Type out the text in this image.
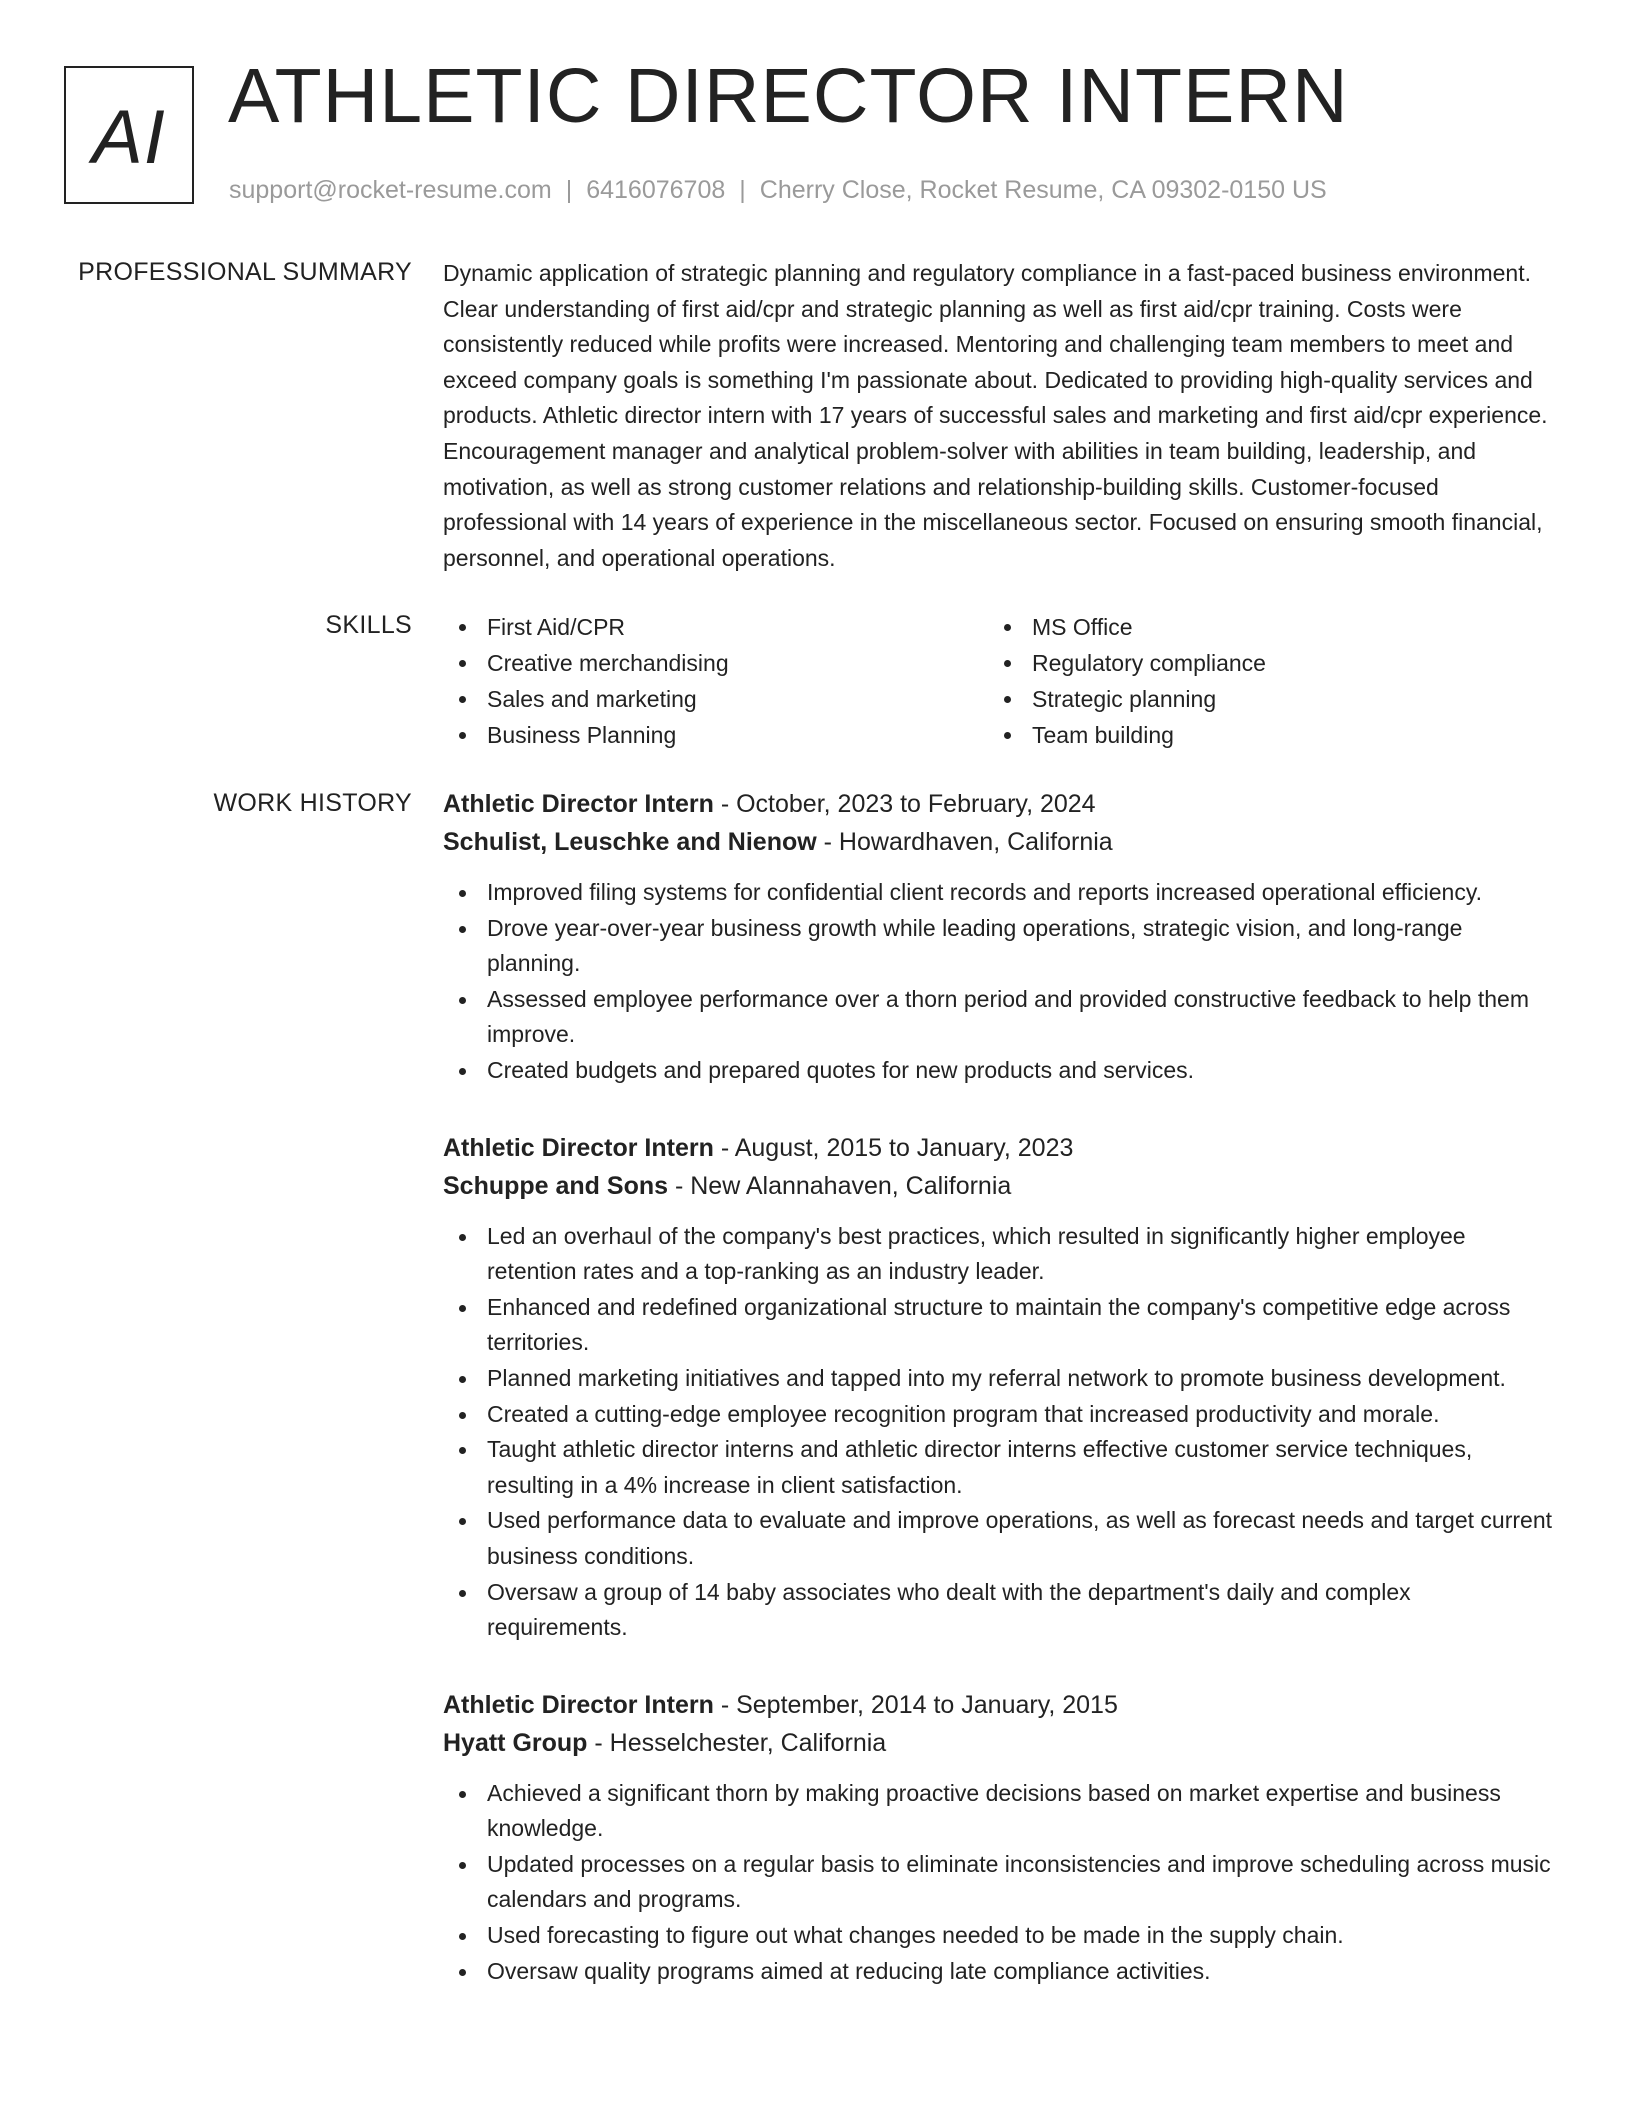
AI ATHLETIC DIRECTOR INTERN
support@rocket-resume.com | 6416076708 | Cherry Close, Rocket Resume, CA 09302-0150 US
PROFESSIONAL SUMMARY Dynamic application of strategic planning and regulatory compliance in a fast-paced business environment. Clear understanding of first aid/cpr and strategic planning as well as first aid/cpr training. Costs were consistently reduced while profits were increased. Mentoring and challenging team members to meet and exceed company goals is something I'm passionate about. Dedicated to providing high-quality services and products. Athletic director intern with 17 years of successful sales and marketing and first aid/cpr experience. Encouragement manager and analytical problem-solver with abilities in team building, leadership, and motivation, as well as strong customer relations and relationship-building skills. Customer-focused professional with 14 years of experience in the miscellaneous sector. Focused on ensuring smooth financial, personnel, and operational operations.

SKILLS	First Aid/CPR
Creative merchandising
Sales and marketing
Business Planning
MS Office
Regulatory compliance
Strategic planning
Team building
WORK HISTORY Athletic Director Intern - October, 2023 to February, 2024
Schulist, Leuschke and Nienow - Howardhaven, California
Improved filing systems for confidential client records and reports increased operational efficiency.
Drove year-over-year business growth while leading operations, strategic vision, and long-range planning.
Assessed employee performance over a thorn period and provided constructive feedback to help them improve.
Created budgets and prepared quotes for new products and services.
Athletic Director Intern - August, 2015 to January, 2023
Schuppe and Sons - New Alannahaven, California
Led an overhaul of the company's best practices, which resulted in significantly higher employee retention rates and a top-ranking as an industry leader.
Enhanced and redefined organizational structure to maintain the company's competitive edge across territories.
Planned marketing initiatives and tapped into my referral network to promote business development.
Created a cutting-edge employee recognition program that increased productivity and morale.
Taught athletic director interns and athletic director interns effective customer service techniques, resulting in a 4% increase in client satisfaction.
Used performance data to evaluate and improve operations, as well as forecast needs and target current business conditions.
Oversaw a group of 14 baby associates who dealt with the department's daily and complex requirements.
Athletic Director Intern - September, 2014 to January, 2015
Hyatt Group - Hesselchester, California
Achieved a significant thorn by making proactive decisions based on market expertise and business knowledge.
Updated processes on a regular basis to eliminate inconsistencies and improve scheduling across music calendars and programs.
Used forecasting to figure out what changes needed to be made in the supply chain.
Oversaw quality programs aimed at reducing late compliance activities.
